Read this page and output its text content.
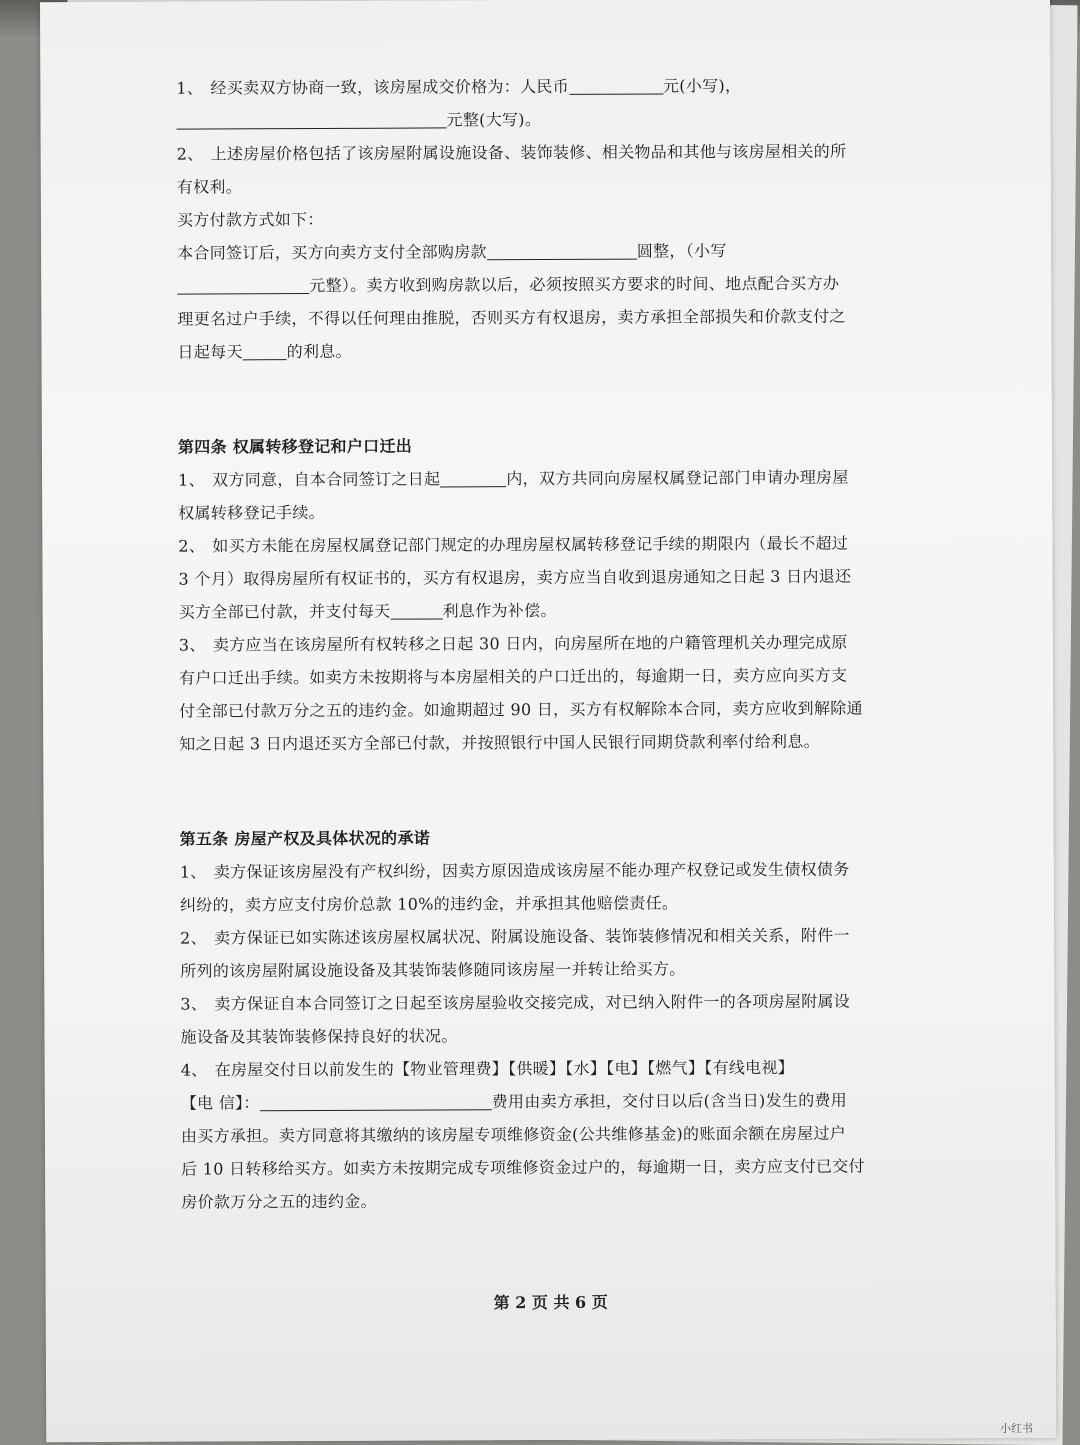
1、 经买卖双方协商一致，该房屋成交价格为：人民币	元(小写)，

元整(大写)。

2、 上述房屋价格包括了该房屋附属设施设备、装饰装修、相关物品和其他与该房屋相关的所

有权利。

买方付款方式如下：

本合同签订后，买方向卖方支付全部购房款	圆整，（小写

元整）。卖方收到购房款以后，必须按照买方要求的时间、地点配合买方办

理更名过户手续，不得以任何理由推脱，否则买方有权退房，卖方承担全部损失和价款支付之

日起每天	的利息。

第四条 权属转移登记和户口迁出

1、 双方同意，自本合同签订之日起	内，双方共同向房屋权属登记部门申请办理房屋

权属转移登记手续。

2、 如买方未能在房屋权属登记部门规定的办理房屋权属转移登记手续的期限内（最长不超过

3 个月）取得房屋所有权证书的，买方有权退房，卖方应当自收到退房通知之日起 3 日内退还

买方全部已付款，并支付每天	利息作为补偿。

3、 卖方应当在该房屋所有权转移之日起 30 日内，向房屋所在地的户籍管理机关办理完成原

有户口迁出手续。如卖方未按期将与本房屋相关的户口迁出的，每逾期一日，卖方应向买方支

付全部已付款万分之五的违约金。如逾期超过 90 日，买方有权解除本合同，卖方应收到解除通

知之日起 3 日内退还买方全部已付款，并按照银行中国人民银行同期贷款利率付给利息。

第五条 房屋产权及具体状况的承诺

1、 卖方保证该房屋没有产权纠纷，因卖方原因造成该房屋不能办理产权登记或发生债权债务

纠纷的，卖方应支付房价总款 10%的违约金，并承担其他赔偿责任。

2、 卖方保证已如实陈述该房屋权属状况、附属设施设备、装饰装修情况和相关关系，附件一

所列的该房屋附属设施设备及其装饰装修随同该房屋一并转让给买方。

3、 卖方保证自本合同签订之日起至该房屋验收交接完成，对已纳入附件一的各项房屋附属设

施设备及其装饰装修保持良好的状况。

4、 在房屋交付日以前发生的【物业管理费】【供暖】【水】【电】【燃气】【有线电视】

【电 信】：	费用由卖方承担，交付日以后(含当日)发生的费用

由买方承担。卖方同意将其缴纳的该房屋专项维修资金(公共维修基金)的账面余额在房屋过户

后 10 日转移给买方。如卖方未按期完成专项维修资金过户的，每逾期一日，卖方应支付已交付

房价款万分之五的违约金。

第 2 页 共 6 页
小红书
